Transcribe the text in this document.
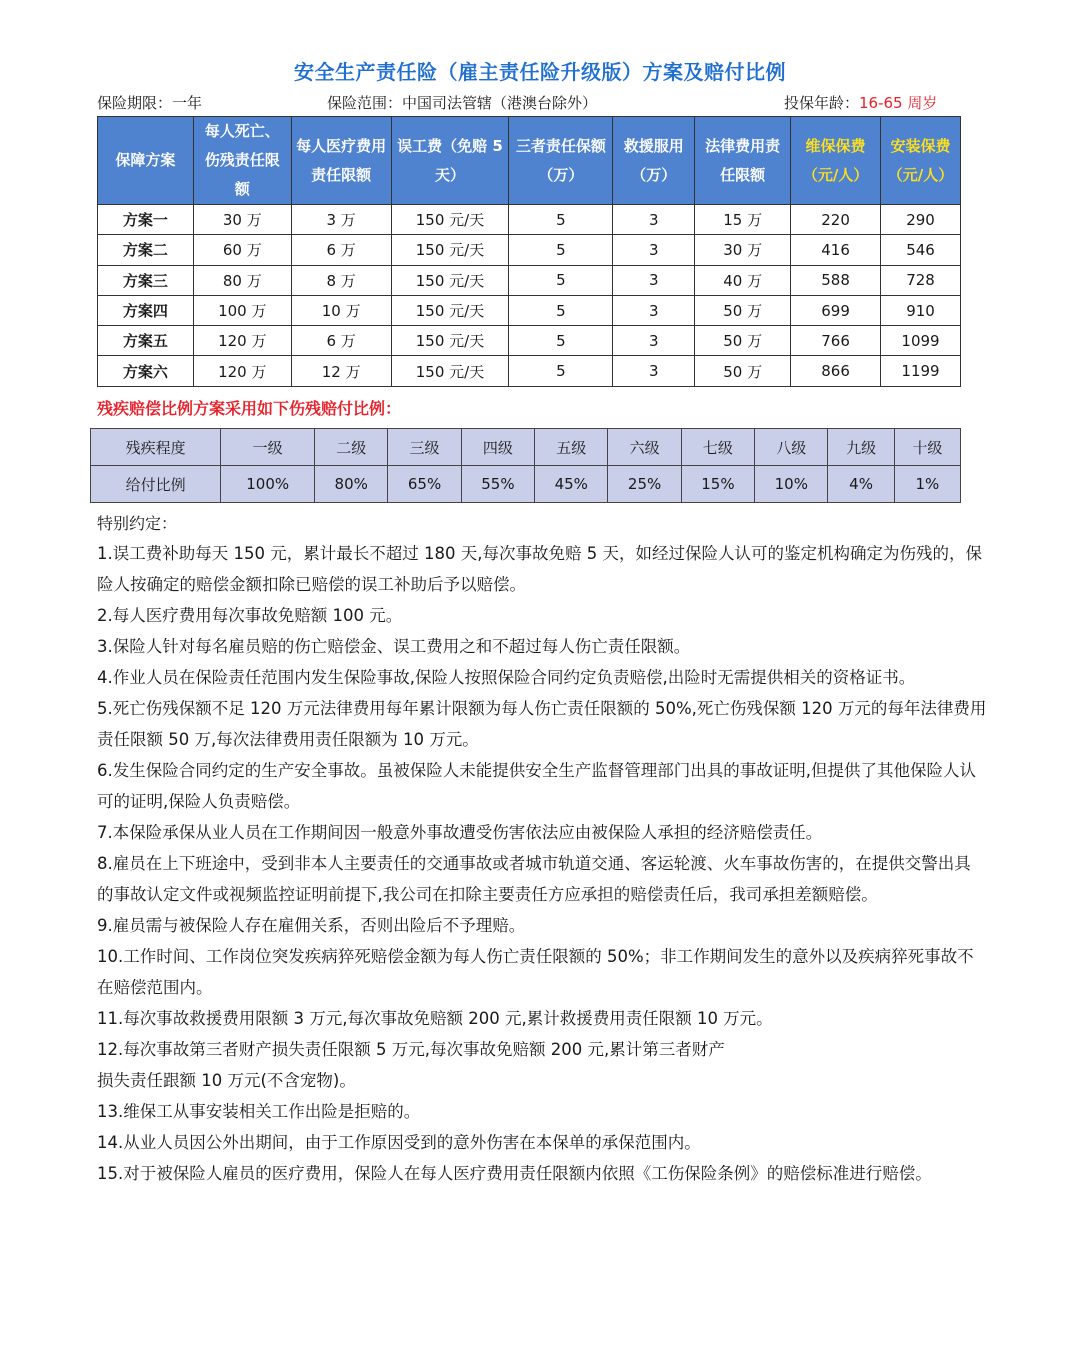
安全生产责任险（雇主责任险升级版）方案及赔付比例
保险期限：一年	保险范围：中国司法管辖（港澳台除外）	投保年龄：16-65 周岁
保障方案	每人死亡、伤残责任限额	每人医疗费用责任限额	误工费（免赔 5 天）	三者责任保额（万）	救援服用（万）	法律费用责任限额	维保保费（元/人）	安装保费（元/人）
方案一	30 万	3 万	150 元/天	5	3	15 万	220	290
方案二	60 万	6 万	150 元/天	5	3	30 万	416	546
方案三	80 万	8 万	150 元/天	5	3	40 万	588	728
方案四	100 万	10 万	150 元/天	5	3	50 万	699	910
方案五	120 万	6 万	150 元/天	5	3	50 万	766	1099
方案六	120 万	12 万	150 元/天	5	3	50 万	866	1199
残疾赔偿比例方案采用如下伤残赔付比例：
残疾程度	一级	二级	三级	四级	五级	六级	七级	八级	九级	十级
给付比例	100%	80%	65%	55%	45%	25%	15%	10%	4%	1%
特别约定：

1.误工费补助每天 150 元，累计最长不超过 180 天,每次事故免赔 5 天，如经过保险人认可的鉴定机构确定为伤残的，保险人按确定的赔偿金额扣除已赔偿的误工补助后予以赔偿。

2.每人医疗费用每次事故免赔额 100 元。

3.保险人针对每名雇员赔的伤亡赔偿金、误工费用之和不超过每人伤亡责任限额。

4.作业人员在保险责任范围内发生保险事故,保险人按照保险合同约定负责赔偿,出险时无需提供相关的资格证书。

5.死亡伤残保额不足 120 万元法律费用每年累计限额为每人伤亡责任限额的 50%,死亡伤残保额 120 万元的每年法律费用责任限额 50 万,每次法律费用责任限额为 10 万元。

6.发生保险合同约定的生产安全事故。虽被保险人未能提供安全生产监督管理部门出具的事故证明,但提供了其他保险人认可的证明,保险人负责赔偿。

7.本保险承保从业人员在工作期间因一般意外事故遭受伤害依法应由被保险人承担的经济赔偿责任。

8.雇员在上下班途中，受到非本人主要责任的交通事故或者城市轨道交通、客运轮渡、火车事故伤害的，在提供交警出具的事故认定文件或视频监控证明前提下,我公司在扣除主要责任方应承担的赔偿责任后，我司承担差额赔偿。

9.雇员需与被保险人存在雇佣关系，否则出险后不予理赔。

10.工作时间、工作岗位突发疾病猝死赔偿金额为每人伤亡责任限额的 50%；非工作期间发生的意外以及疾病猝死事故不在赔偿范围内。

11.每次事故救援费用限额 3 万元,每次事故免赔额 200 元,累计救援费用责任限额 10 万元。

12.每次事故第三者财产损失责任限额 5 万元,每次事故免赔额 200 元,累计第三者财产

损失责任跟额 10 万元(不含宠物)。

13.维保工从事安装相关工作出险是拒赔的。

14.从业人员因公外出期间，由于工作原因受到的意外伤害在本保单的承保范围内。

15.对于被保险人雇员的医疗费用，保险人在每人医疗费用责任限额内依照《工伤保险条例》的赔偿标准进行赔偿。
